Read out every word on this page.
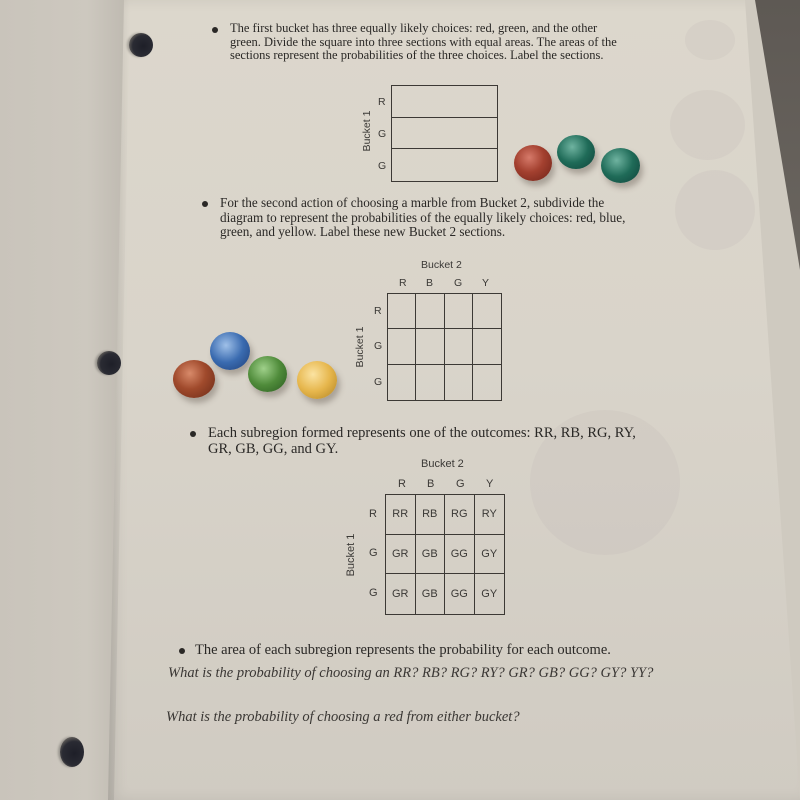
The first bucket has three equally likely choices: red, green, and the other green. Divide the square into three sections with equal areas. The areas of the sections represent the probabilities of the three choices. Label the sections.

Bucket 1
R
G
G

For the second action of choosing a marble from Bucket 2, subdivide the diagram to represent the probabilities of the equally likely choices: red, blue, green, and yellow. Label these new Bucket 2 sections.

Bucket 2
R B G Y
Bucket 1
R
G
G

Each subregion formed represents one of the outcomes: RR, RB, RG, RY, GR, GB, GG, and GY.

Bucket 2
R B G Y
Bucket 1
R
G
G
RR	RB	RG	RY
GR	GB	GG	GY
GR	GB	GG	GY

The area of each subregion represents the probability for each outcome.

What is the probability of choosing an RR? RB? RG? RY? GR? GB? GG? GY? YY?

What is the probability of choosing a red from either bucket?
